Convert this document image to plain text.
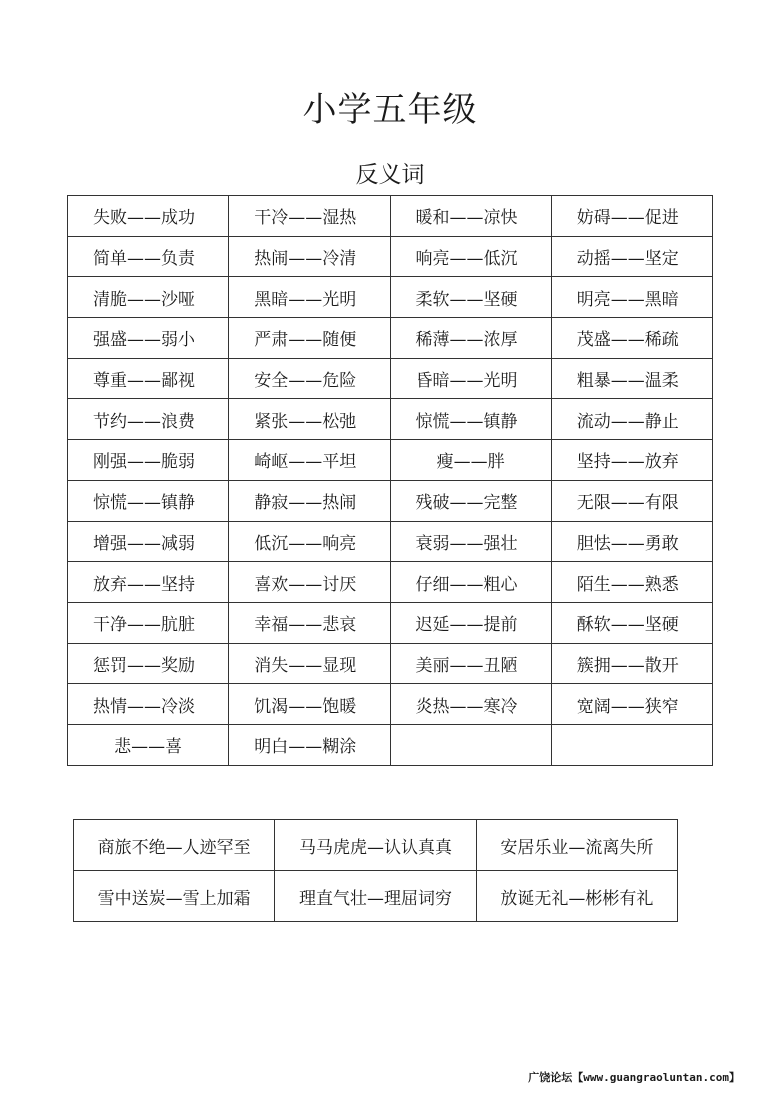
小学五年级
反义词
失败——成功	干冷——湿热	暖和——凉快	妨碍——促进
简单——负责	热闹——冷清	响亮——低沉	动摇——坚定
清脆——沙哑	黑暗——光明	柔软——坚硬	明亮——黑暗
强盛——弱小	严肃——随便	稀薄——浓厚	茂盛——稀疏
尊重——鄙视	安全——危险	昏暗——光明	粗暴——温柔
节约——浪费	紧张——松弛	惊慌——镇静	流动——静止
刚强——脆弱	崎岖——平坦	瘦——胖	坚持——放弃
惊慌——镇静	静寂——热闹	残破——完整	无限——有限
增强——减弱	低沉——响亮	衰弱——强壮	胆怯——勇敢
放弃——坚持	喜欢——讨厌	仔细——粗心	陌生——熟悉
干净——肮脏	幸福——悲哀	迟延——提前	酥软——坚硬
惩罚——奖励	消失——显现	美丽——丑陋	簇拥——散开
热情——冷淡	饥渴——饱暖	炎热——寒冷	宽阔——狭窄
悲——喜	明白——糊涂		
商旅不绝—人迹罕至	马马虎虎—认认真真	安居乐业—流离失所
雪中送炭—雪上加霜	理直气壮—理屈词穷	放诞无礼—彬彬有礼
广饶论坛【www.guangraoluntan.com】
